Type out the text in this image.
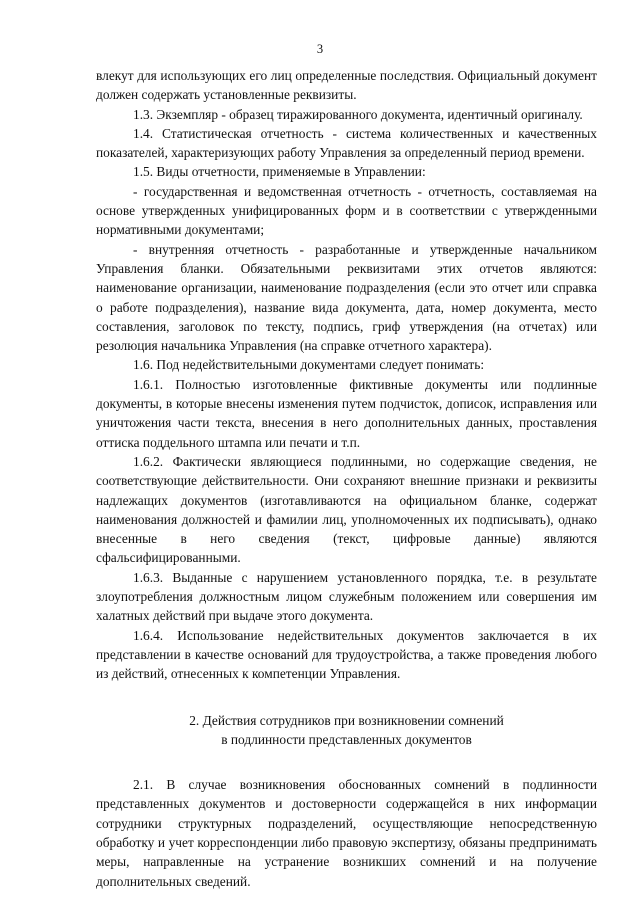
3

влекут для использующих его лиц определенные последствия. Официальный документ должен содержать установленные реквизиты.

1.3. Экземпляр - образец тиражированного документа, идентичный оригиналу.

1.4. Статистическая отчетность - система количественных и качественных показателей, характеризующих работу Управления за определенный период времени.

1.5. Виды отчетности, применяемые в Управлении:

- государственная и ведомственная отчетность - отчетность, составляемая на основе утвержденных унифицированных форм и в соответствии с утвержденными нормативными документами;

- внутренняя отчетность - разработанные и утвержденные начальником Управления бланки. Обязательными реквизитами этих отчетов являются: наименование организации, наименование подразделения (если это отчет или справка о работе подразделения), название вида документа, дата, номер документа, место составления, заголовок по тексту, подпись, гриф утверждения (на отчетах) или резолюция начальника Управления (на справке отчетного характера).

1.6. Под недействительными документами следует понимать:

1.6.1. Полностью изготовленные фиктивные документы или подлинные документы, в которые внесены изменения путем подчисток, дописок, исправления или уничтожения части текста, внесения в него дополнительных данных, проставления оттиска поддельного штампа или печати и т.п.

1.6.2. Фактически являющиеся подлинными, но содержащие сведения, не соответствующие действительности. Они сохраняют внешние признаки и реквизиты надлежащих документов (изготавливаются на официальном бланке, содержат наименования должностей и фамилии лиц, уполномоченных их подписывать), однако внесенные в него сведения (текст, цифровые данные) являются сфальсифицированными.

1.6.3. Выданные с нарушением установленного порядка, т.е. в результате злоупотребления должностным лицом служебным положением или совершения им халатных действий при выдаче этого документа.

1.6.4. Использование недействительных документов заключается в их представлении в качестве оснований для трудоустройства, а также проведения любого из действий, отнесенных к компетенции Управления.

2. Действия сотрудников при возникновении сомнений
в подлинности представленных документов

2.1. В случае возникновения обоснованных сомнений в подлинности представленных документов и достоверности содержащейся в них информации сотрудники структурных подразделений, осуществляющие непосредственную обработку и учет корреспонденции либо правовую экспертизу, обязаны предпринимать меры, направленные на устранение возникших сомнений и на получение дополнительных сведений.
